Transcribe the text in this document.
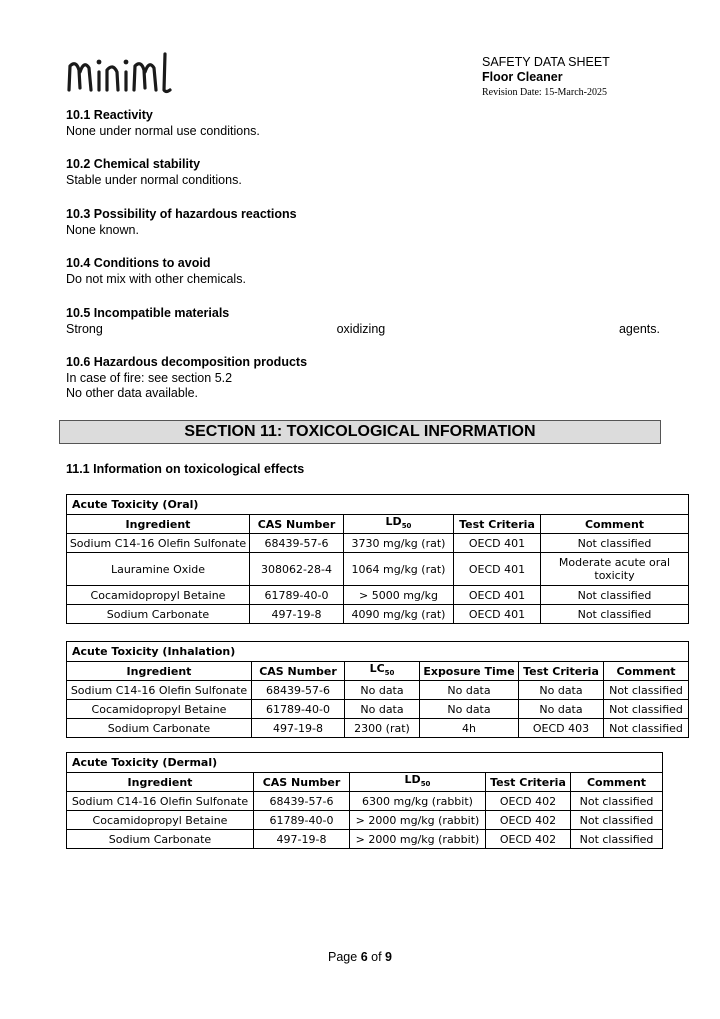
SAFETY DATA SHEET
Floor Cleaner
Revision Date: 15-March-2025
10.1 Reactivity
None under normal use conditions.
10.2 Chemical stability
Stable under normal conditions.
10.3 Possibility of hazardous reactions
None known.
10.4 Conditions to avoid
Do not mix with other chemicals.
10.5 Incompatible materials
Strong	oxidizing	agents.
10.6 Hazardous decomposition products
In case of fire: see section 5.2
No other data available.
SECTION 11: TOXICOLOGICAL INFORMATION
11.1 Information on toxicological effects
Acute Toxicity (Oral)				
Ingredient	CAS Number	$LD_{50}$	Test Criteria	Comment
Sodium C14-16 Olefin Sulfonate	68439-57-6	3730 mg/kg (rat)	OECD 401	Not classified
Lauramine Oxide	308062-28-4	1064 mg/kg (rat)	OECD 401	Moderate acute oral toxicity
Cocamidopropyl Betaine	61789-40-0	> 5000 mg/kg	OECD 401	Not classified
Sodium Carbonate	497-19-8	4090 mg/kg (rat)	OECD 401	Not classified
Acute Toxicity (Inhalation)					
Ingredient	CAS Number	$LC_{50}$	Exposure Time	Test Criteria	Comment
Sodium C14-16 Olefin Sulfonate	68439-57-6	No data	No data	No data	Not classified
Cocamidopropyl Betaine	61789-40-0	No data	No data	No data	Not classified
Sodium Carbonate	497-19-8	2300 (rat)	4h	OECD 403	Not classified
Acute Toxicity (Dermal)				
Ingredient	CAS Number	$LD_{50}$	Test Criteria	Comment
Sodium C14-16 Olefin Sulfonate	68439-57-6	6300 mg/kg (rabbit)	OECD 402	Not classified
Cocamidopropyl Betaine	61789-40-0	> 2000 mg/kg (rabbit)	OECD 402	Not classified
Sodium Carbonate	497-19-8	> 2000 mg/kg (rabbit)	OECD 402	Not classified
Page 6 of 9
